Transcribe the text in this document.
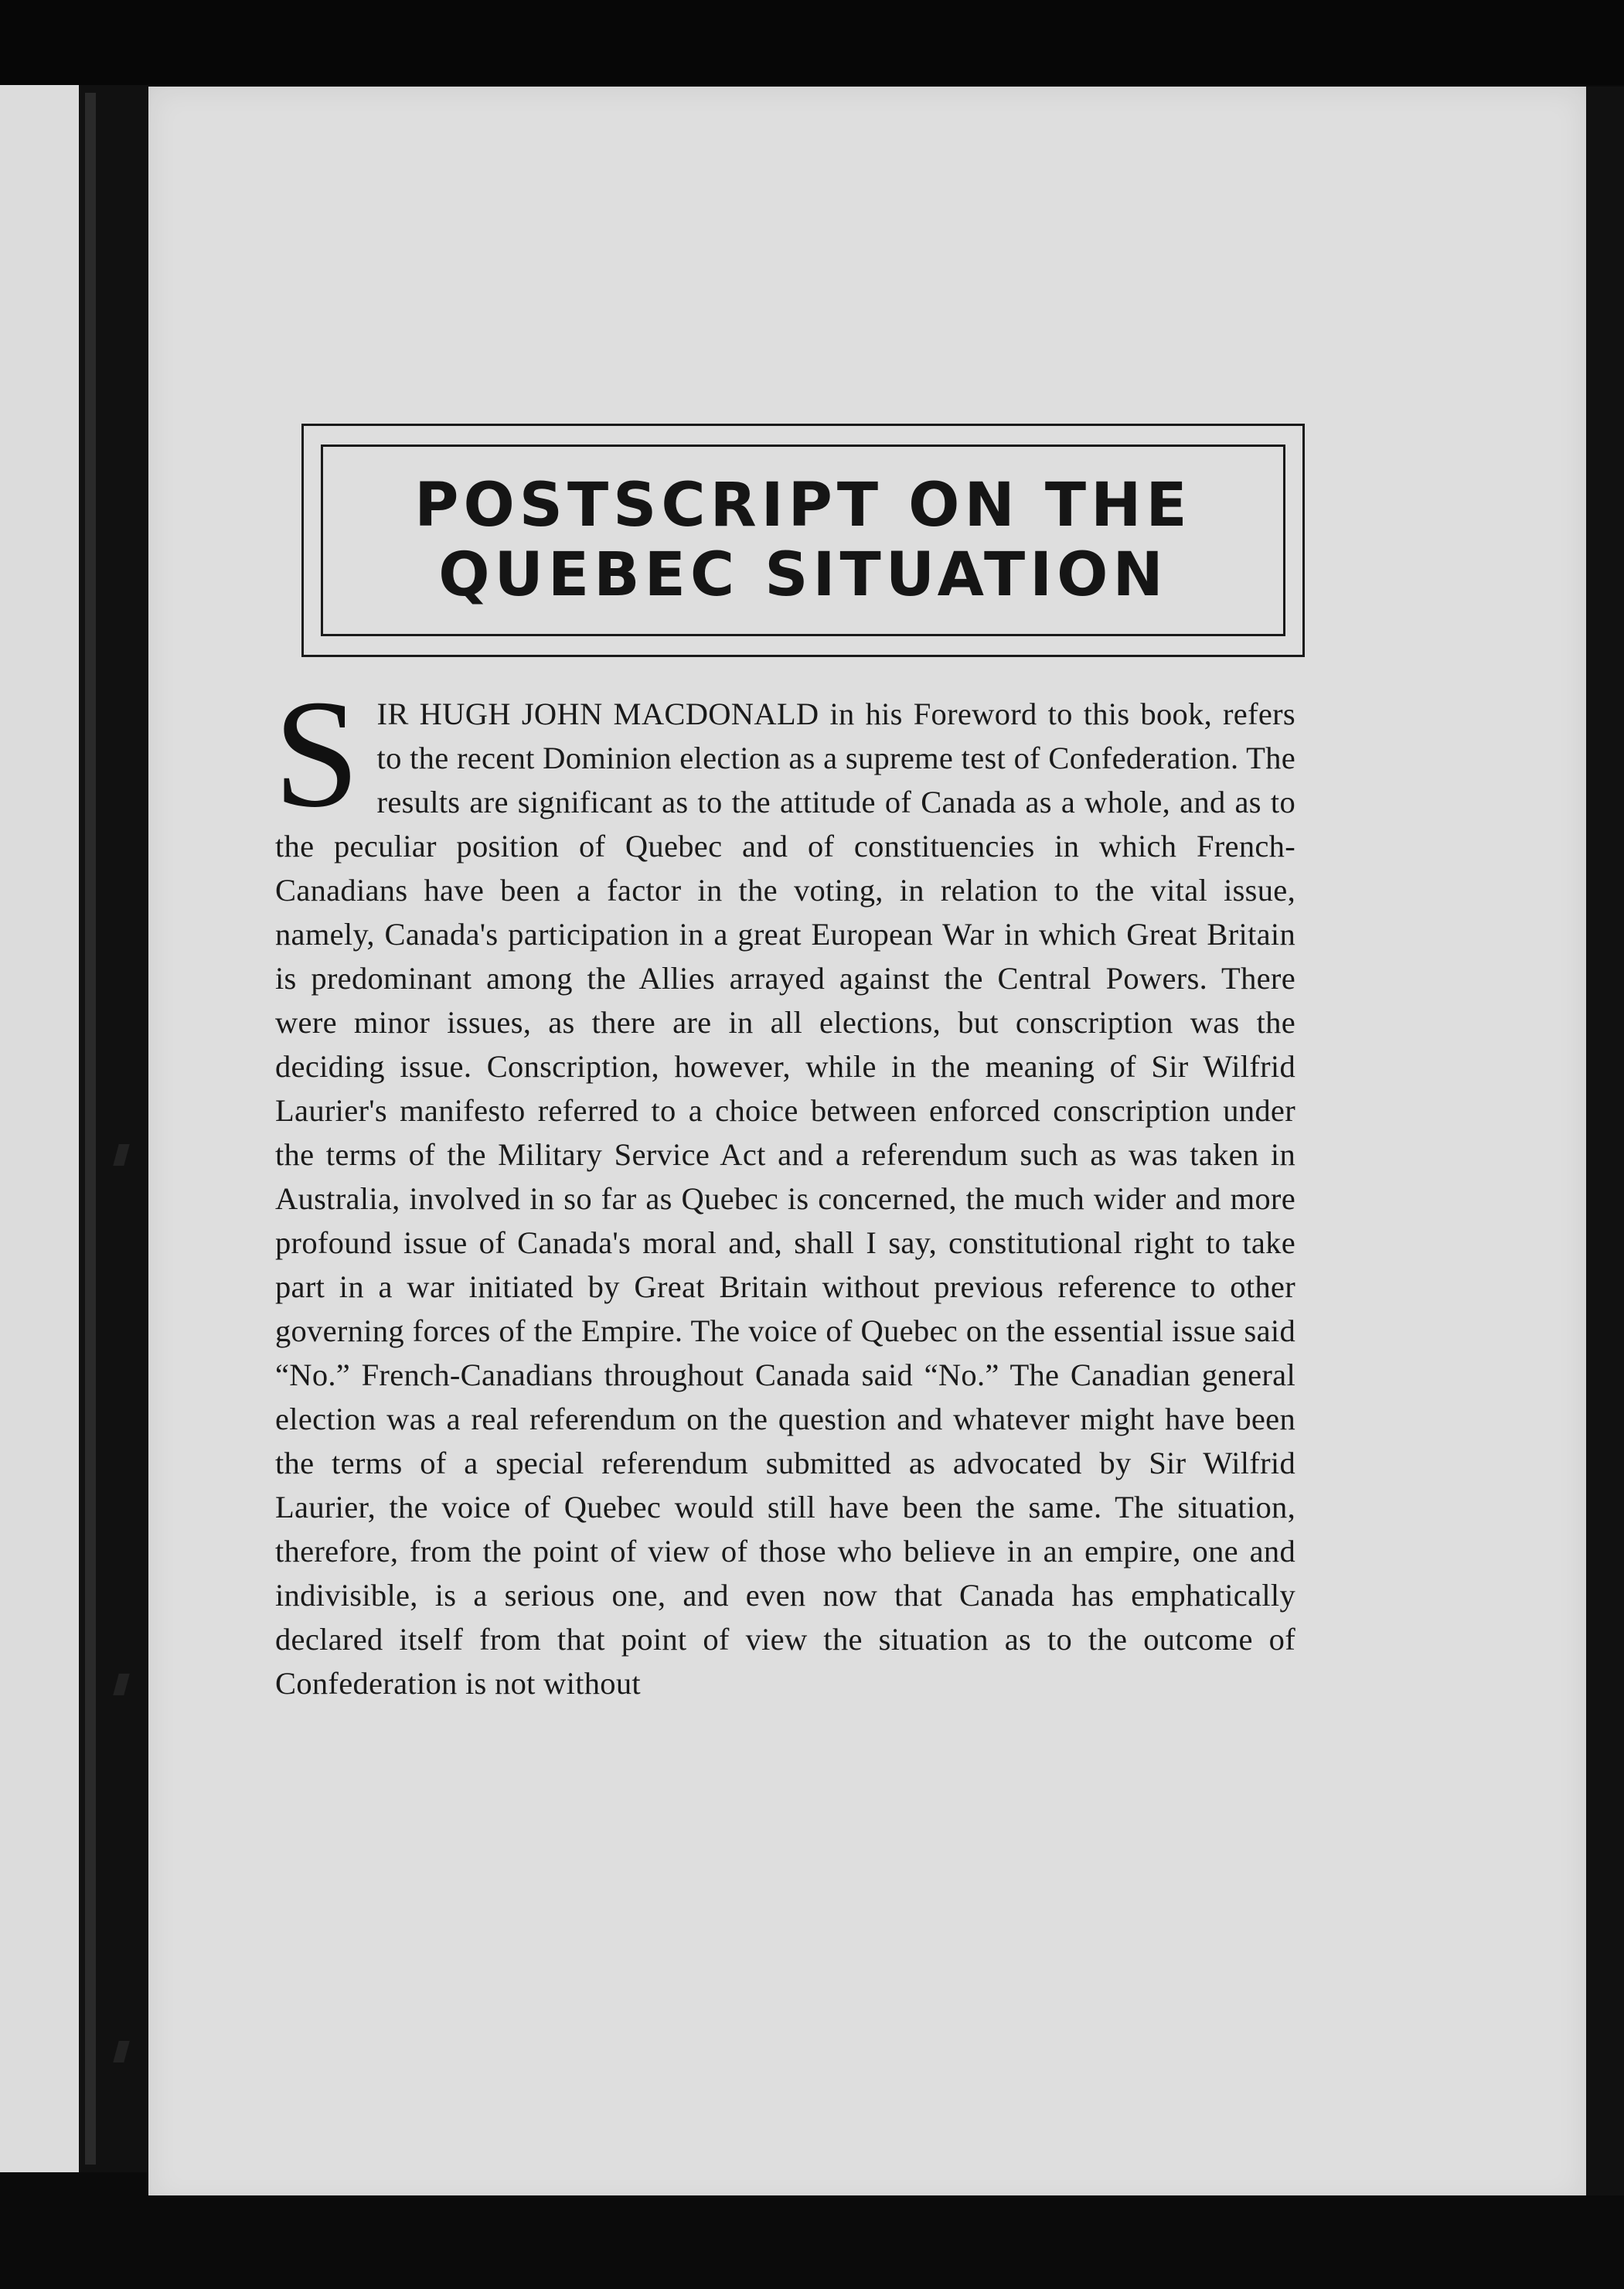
POSTSCRIPT ON THE
QUEBEC SITUATION
S IR HUGH JOHN MACDONALD in his Foreword to this book, refers to the recent Dominion election as a supreme test of Confederation. The results are significant as to the attitude of Canada as a whole, and as to the peculiar position of Quebec and of constituencies in which French-Canadians have been a factor in the voting, in relation to the vital issue, namely, Canada's participation in a great European War in which Great Britain is predominant among the Allies arrayed against the Central Powers. There were minor issues, as there are in all elections, but conscription was the deciding issue. Conscription, however, while in the meaning of Sir Wilfrid Laurier's manifesto referred to a choice between enforced conscription under the terms of the Military Service Act and a referendum such as was taken in Australia, involved in so far as Quebec is concerned, the much wider and more profound issue of Canada's moral and, shall I say, constitutional right to take part in a war initiated by Great Britain without previous reference to other governing forces of the Empire. The voice of Quebec on the essential issue said “No.” French-Canadians throughout Canada said “No.” The Canadian general election was a real referendum on the question and whatever might have been the terms of a special referendum submitted as advocated by Sir Wilfrid Laurier, the voice of Quebec would still have been the same. The situation, therefore, from the point of view of those who believe in an empire, one and indivisible, is a serious one, and even now that Canada has emphatically declared itself from that point of view the situation as to the outcome of Confederation is not without
